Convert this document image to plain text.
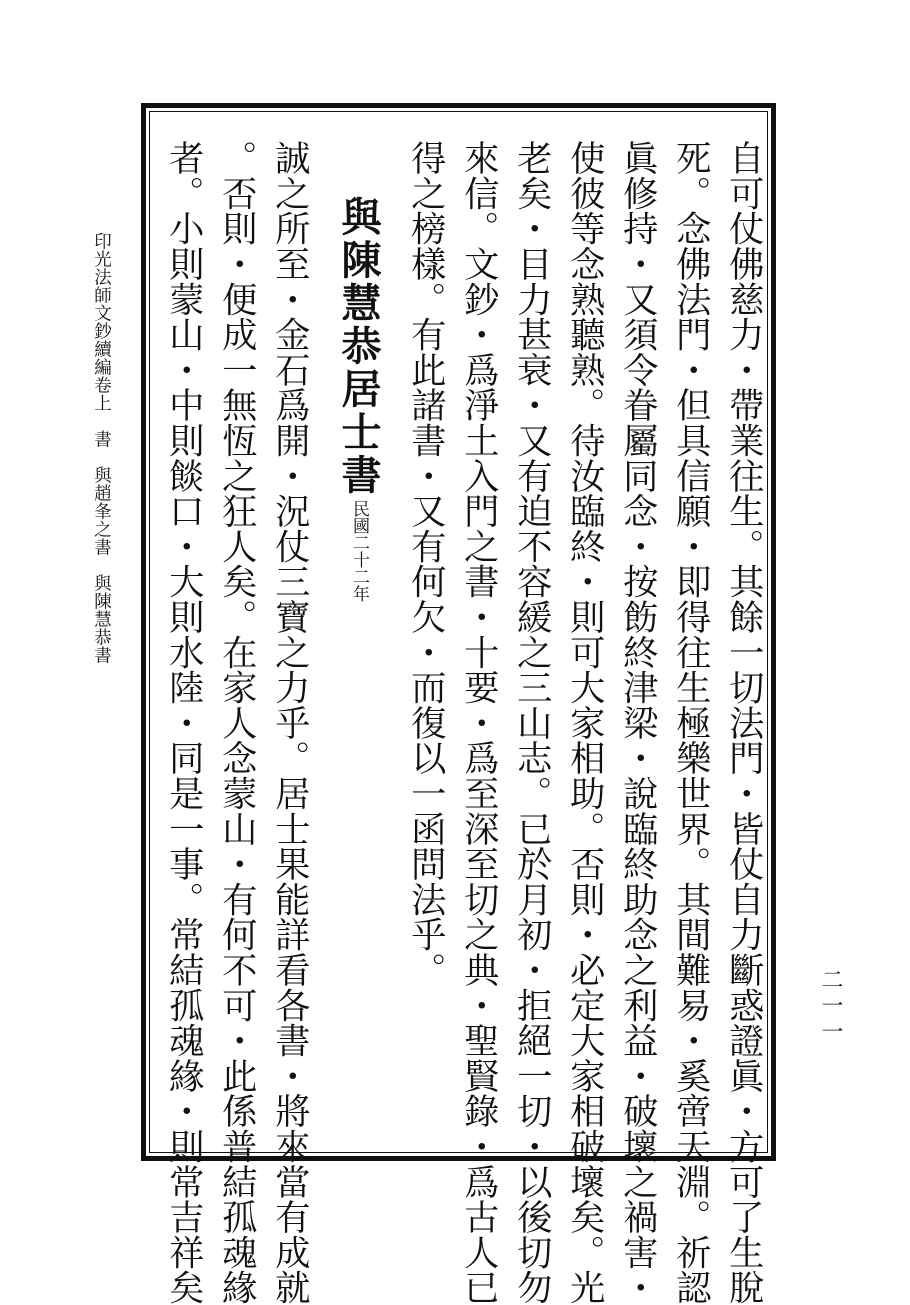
自可仗佛慈力・帶業往生。其餘一切法門・皆仗自力斷惑證眞・方可了生脫
死。念佛法門・但具信願・即得往生極樂世界。其間難易・奚啻天淵。祈認
眞修持・又須令眷屬同念・按飭終津梁・說臨終助念之利益・破壞之禍害・
使彼等念熟聽熟。待汝臨終・則可大家相助。否則・必定大家相破壞矣。光
老矣・目力甚衰・又有迫不容緩之三山志。已於月初・拒絕一切・以後切勿
來信。文鈔・爲淨土入門之書・十要・爲至深至切之典・聖賢錄・爲古人已
得之榜樣。有此諸書・又有何欠・而復以一函問法乎。
與陳慧恭居士書
民國二十二年
誠之所至・金石爲開・況仗三寶之力乎。居士果能詳看各書・將來當有成就
。否則・便成一無恆之狂人矣。在家人念蒙山・有何不可・此係普結孤魂緣
者。小則蒙山・中則餤口・大則水陸・同是一事。常結孤魂緣・則常吉祥矣
印光法師文鈔續編卷上　書　與趙夆之書　與陳慧恭書
二一一
